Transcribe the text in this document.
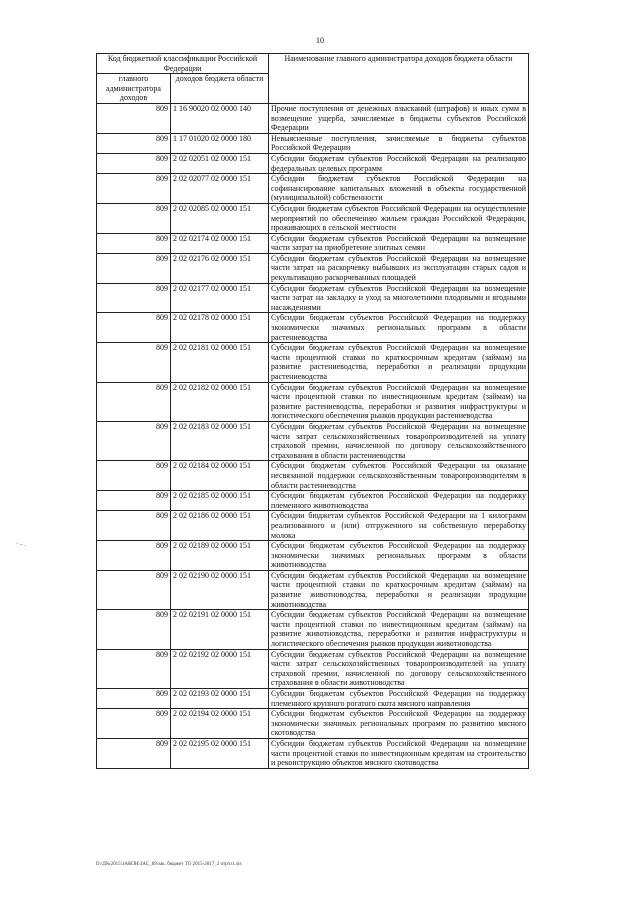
10
Код бюджетной классификации Российской Федерации		Наименование главного администратора доходов бюджета области
главного администратора доходов	доходов бюджета области	
809	1 16 90020 02 0000 140	Прочие поступления от денежных взысканий (штрафов) и иных сумм в возмещение ущерба, зачисляемые в бюджеты субъектов Российской Федерации
809	1 17 01020 02 0000 180	Невыясненные поступления, зачисляемые в бюджеты субъектов Российской Федерации
809	2 02 02051 02 0000 151	Субсидии бюджетам субъектов Российской Федерации на реализацию федеральных целевых программ
809	2 02 02077 02 0000 151	Субсидии бюджетам субъектов Российской Федерации на софинансирование капитальных вложений в объекты государственной (муниципальной) собственности
809	2 02 02085 02 0000 151	Субсидии бюджетам субъектов Российской Федерации на осуществление мероприятий по обеспечению жильем граждан Российской Федерации, проживающих в сельской местности
809	2 02 02174 02 0000 151	Субсидии бюджетам субъектов Российской Федерации на возмещение части затрат на приобретение элитных семян
809	2 02 02176 02 0000 151	Субсидии бюджетам субъектов Российской Федерации на возмещение части затрат на раскорчевку выбывших из эксплуатации старых садов и рекультивацию раскорчеванных площадей
809	2 02 02177 02 0000 151	Субсидии бюджетам субъектов Российской Федерации на возмещение части затрат на закладку и уход за многолетними плодовыми и ягодными насаждениями
809	2 02 02178 02 0000 151	Субсидии бюджетам субъектов Российской Федерации на поддержку экономически значимых региональных программ в области растениеводства
809	2 02 02181 02 0000 151	Субсидии бюджетам субъектов Российской Федерации на возмещение части процентной ставки по краткосрочным кредитам (займам) на развитие растениеводства, переработки и реализации продукции растениеводства
809	2 02 02182 02 0000 151	Субсидии бюджетам субъектов Российской Федерации на возмещение части процентной ставки по инвестиционным кредитам (займам) на развитие растениеводства, переработки и развития инфраструктуры и логистического обеспечения рынков продукции растениеводства
809	2 02 02183 02 0000 151	Субсидии бюджетам субъектов Российской Федерации на возмещение части затрат сельскохозяйственных товаропроизводителей на уплату страховой премии, начисленной по договору сельскохозяйственного страхования в области растениеводства
809	2 02 02184 02 0000 151	Субсидии бюджетам субъектов Российской Федерации на оказание несвязанной поддержки сельскохозяйственным товаропроизводителям в области растениеводства
809	2 02 02185 02 0000 151	Субсидии бюджетам субъектов Российской Федерации на поддержку племенного животноводства
809	2 02 02186 02 0000 151	Субсидии бюджетам субъектов Российской Федерации на 1 килограмм реализованного и (или) отгруженного на собственную переработку молока
809	2 02 02189 02 0000 151	Субсидии бюджетам субъектов Российской Федерации на поддержку экономически значимых региональных программ в области животноводства
809	2 02 02190 02 0000 151	Субсидии бюджетам субъектов Российской Федерации на возмещение части процентной ставки по краткосрочным кредитам (займам) на развитие животноводства, переработки и реализации продукции животноводства
809	2 02 02191 02 0000 151	Субсидии бюджетам субъектов Российской Федерации на возмещение части процентной ставки по инвестиционным кредитам (займам) на развитие животноводства, переработки и развития инфраструктуры и логистического обеспечения рынков продукции животноводства
809	2 02 02192 02 0000 151	Субсидии бюджетам субъектов Российской Федерации на возмещение части затрат сельскохозяйственных товаропроизводителей на уплату страховой премии, начисленной по договору сельскохозяйственного страхования в области животноводства
809	2 02 02193 02 0000 151	Субсидии бюджетам субъектов Российской Федерации на поддержку племенного крупного рогатого скота мясного направления
809	2 02 02194 02 0000 151	Субсидии бюджетам субъектов Российской Федерации на поддержку экономически значимых региональных программ по развитию мясного скотоводства
809	2 02 02195 02 0000 151	Субсидии бюджетам субъектов Российской Федерации на возмещение части процентной ставки по инвестиционным кредитам на строительство и реконструкцию объектов мясного скотоводства
D:\Д№2015\ЗАКОН\ЗАС_89\зак. бюджет ТО 2015-2017_2 чтр\п1.xls
· - .
